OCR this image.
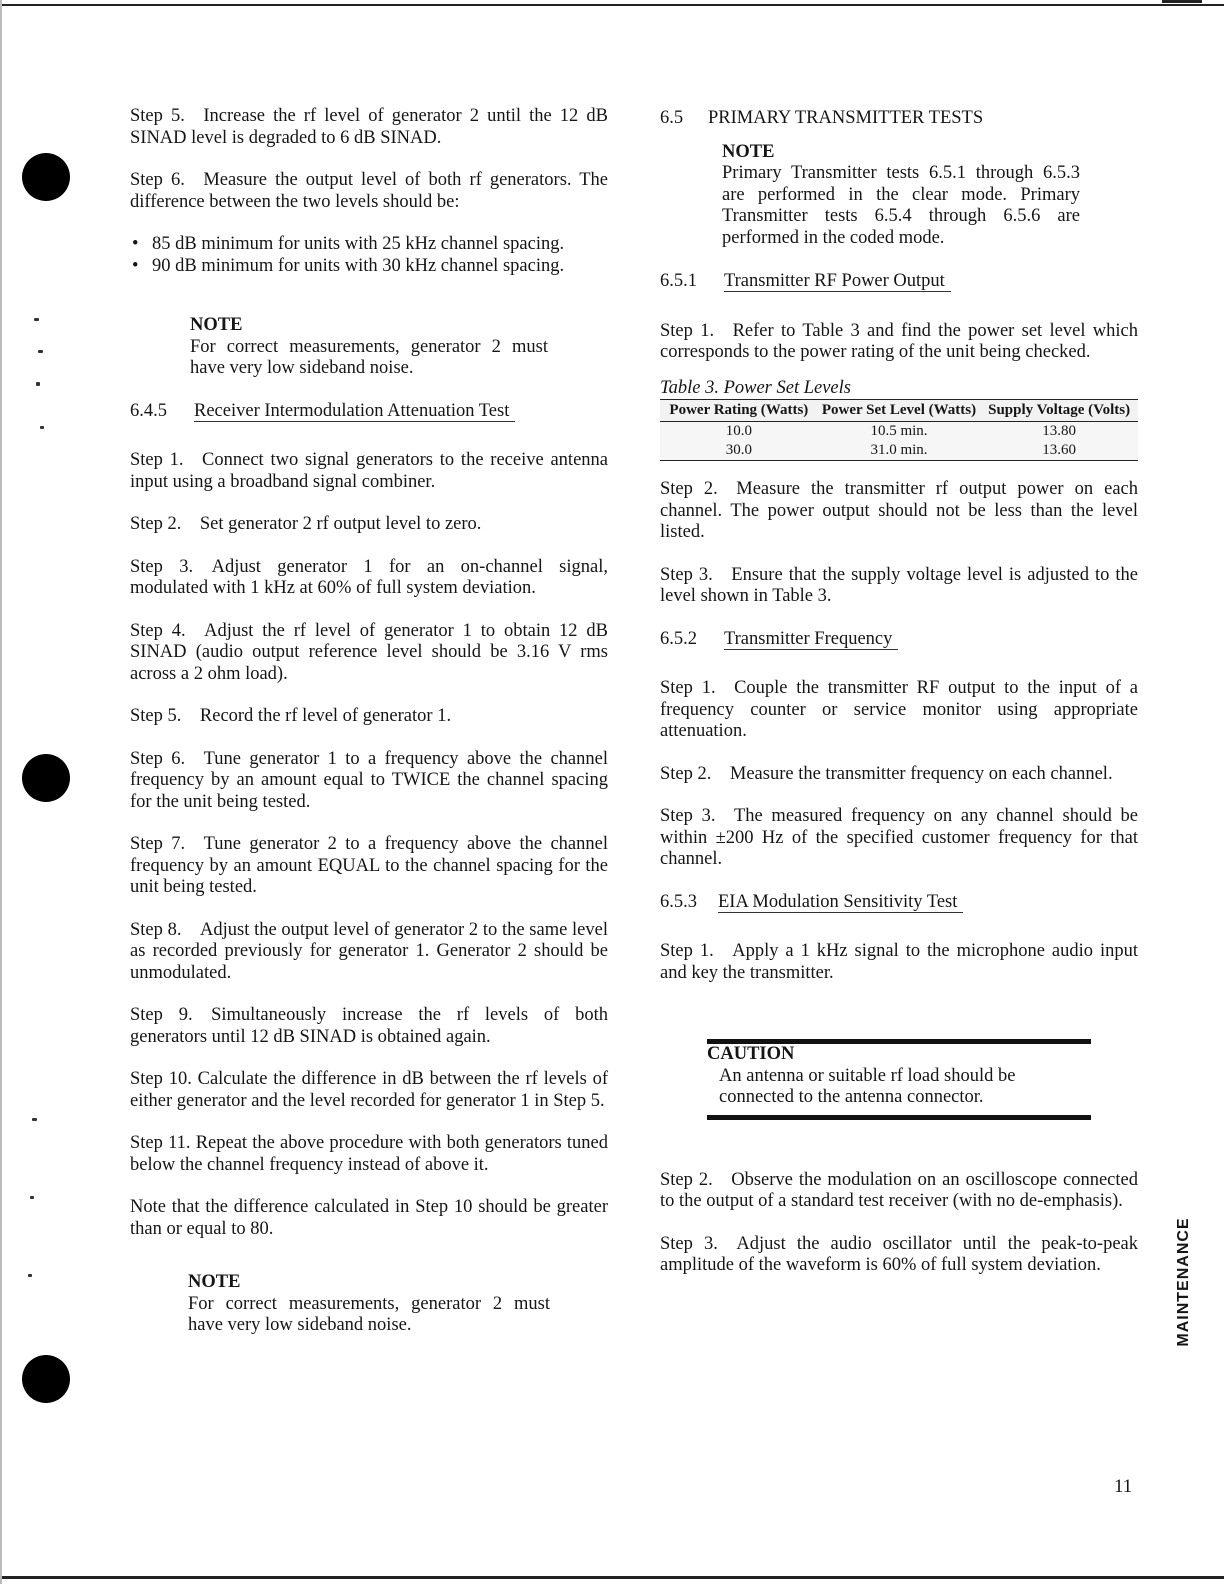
Step 5. Increase the rf level of generator 2 until the 12 dB SINAD level is degraded to 6 dB SINAD.

Step 6. Measure the output level of both rf generators. The difference between the two levels should be:

• 85 dB minimum for units with 25 kHz channel spacing.
• 90 dB minimum for units with 30 kHz channel spacing.

NOTE

For correct measurements, generator 2 must have very low sideband noise.

6.4.5 Receiver Intermodulation Attenuation Test

Step 1. Connect two signal generators to the receive antenna input using a broadband signal combiner.

Step 2. Set generator 2 rf output level to zero.

Step 3. Adjust generator 1 for an on-channel signal, modulated with 1 kHz at 60% of full system deviation.

Step 4. Adjust the rf level of generator 1 to obtain 12 dB SINAD (audio output reference level should be 3.16 V rms across a 2 ohm load).

Step 5. Record the rf level of generator 1.

Step 6. Tune generator 1 to a frequency above the channel frequency by an amount equal to TWICE the channel spacing for the unit being tested.

Step 7. Tune generator 2 to a frequency above the channel frequency by an amount EQUAL to the channel spacing for the unit being tested.

Step 8. Adjust the output level of generator 2 to the same level as recorded previously for generator 1. Generator 2 should be unmodulated.

Step 9. Simultaneously increase the rf levels of both generators until 12 dB SINAD is obtained again.

Step 10. Calculate the difference in dB between the rf levels of either generator and the level recorded for generator 1 in Step 5.

Step 11. Repeat the above procedure with both generators tuned below the channel frequency instead of above it.

Note that the difference calculated in Step 10 should be greater than or equal to 80.

NOTE

For correct measurements, generator 2 must have very low sideband noise.

6.5 PRIMARY TRANSMITTER TESTS

NOTE

Primary Transmitter tests 6.5.1 through 6.5.3 are performed in the clear mode. Primary Transmitter tests 6.5.4 through 6.5.6 are performed in the coded mode.

6.5.1 Transmitter RF Power Output

Step 1. Refer to Table 3 and find the power set level which corresponds to the power rating of the unit being checked.

Table 3. Power Set Levels

Power Rating (Watts)	Power Set Level (Watts)	Supply Voltage (Volts)
10.0	10.5 min.	13.80
30.0	31.0 min.	13.60

Step 2. Measure the transmitter rf output power on each channel. The power output should not be less than the level listed.

Step 3. Ensure that the supply voltage level is adjusted to the level shown in Table 3.

6.5.2 Transmitter Frequency

Step 1. Couple the transmitter RF output to the input of a frequency counter or service monitor using appropriate attenuation.

Step 2. Measure the transmitter frequency on each channel.

Step 3. The measured frequency on any channel should be within ±200 Hz of the specified customer frequency for that channel.

6.5.3 EIA Modulation Sensitivity Test

Step 1. Apply a 1 kHz signal to the microphone audio input and key the transmitter.

CAUTION

An antenna or suitable rf load should be connected to the antenna connector.

Step 2. Observe the modulation on an oscilloscope connected to the output of a standard test receiver (with no de-emphasis).

Step 3. Adjust the audio oscillator until the peak-to-peak amplitude of the waveform is 60% of full system deviation.	MAINTENANCE
11
